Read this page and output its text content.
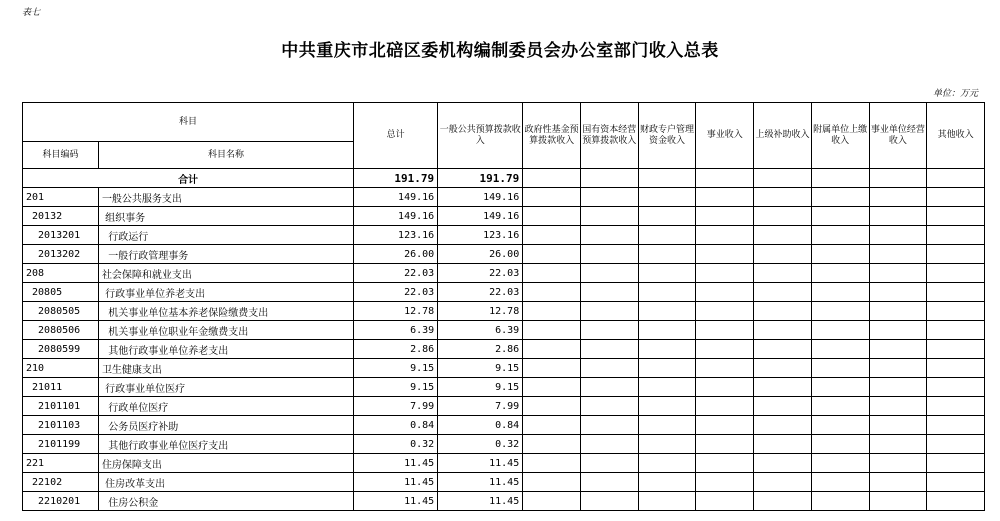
表七
中共重庆市北碚区委机构编制委员会办公室部门收入总表
单位：万元
科目		总计	一般公共预算拨款收入	政府性基金预算拨款收入	国有资本经营预算拨款收入	财政专户管理资金收入	事业收入	上级补助收入	附属单位上缴收入	事业单位经营收入	其他收入
科目编码	科目名称										
合计		191.79	191.79								
201	一般公共服务支出	149.16	149.16								
20132	组织事务	149.16	149.16								
2013201	行政运行	123.16	123.16								
2013202	一般行政管理事务	26.00	26.00								
208	社会保障和就业支出	22.03	22.03								
20805	行政事业单位养老支出	22.03	22.03								
2080505	机关事业单位基本养老保险缴费支出	12.78	12.78								
2080506	机关事业单位职业年金缴费支出	6.39	6.39								
2080599	其他行政事业单位养老支出	2.86	2.86								
210	卫生健康支出	9.15	9.15								
21011	行政事业单位医疗	9.15	9.15								
2101101	行政单位医疗	7.99	7.99								
2101103	公务员医疗补助	0.84	0.84								
2101199	其他行政事业单位医疗支出	0.32	0.32								
221	住房保障支出	11.45	11.45								
22102	住房改革支出	11.45	11.45								
2210201	住房公积金	11.45	11.45								
